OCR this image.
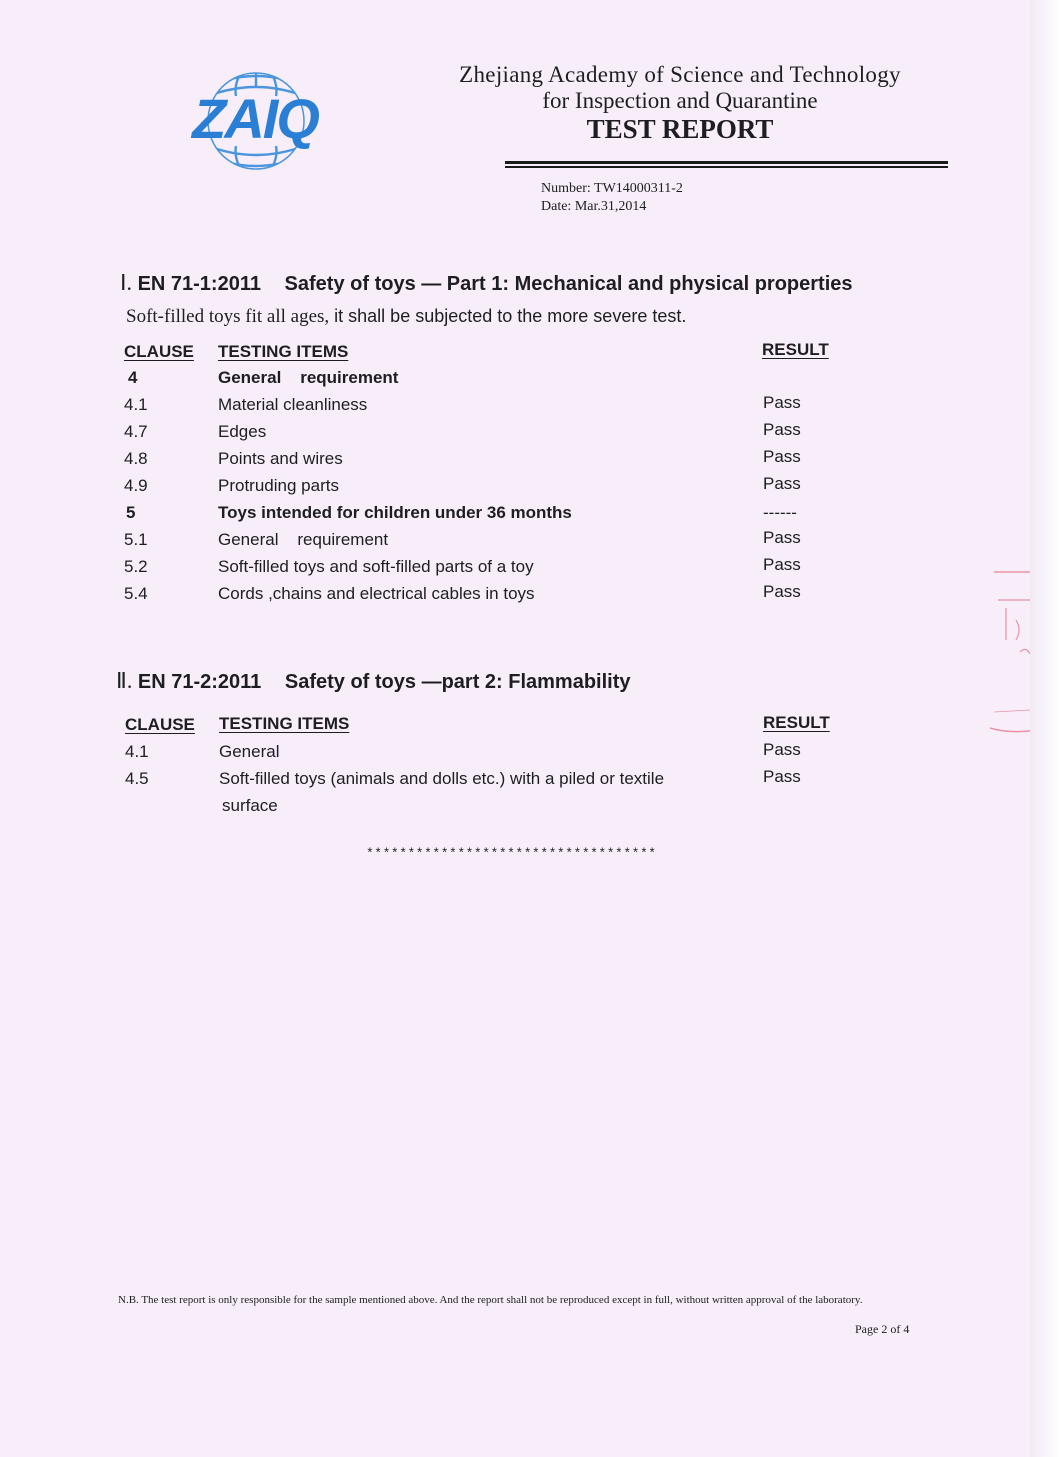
ZAIQ
Zhejiang Academy of Science and Technology
for Inspection and Quarantine
TEST REPORT
Number: TW14000311-2
Date: Mar.31,2014
Ⅰ. EN 71-1:2011 Safety of toys — Part 1: Mechanical and physical properties
Soft-filled toys fit all ages, it shall be subjected to the more severe test.
CLAUSE TESTING ITEMS	RESULT
4	General    requirement
4.1	Material cleanliness	Pass
4.7	Edges	Pass
4.8	Points and wires	Pass
4.9	Protruding parts	Pass
5	Toys intended for children under 36 months	------
5.1	General    requirement	Pass
5.2	Soft-filled toys and soft-filled parts of a toy	Pass
5.4	Cords ,chains and electrical cables in toys	Pass
Ⅱ. EN 71-2:2011 Safety of toys —part 2: Flammability
CLAUSE TESTING ITEMS	RESULT
4.1	General	Pass
4.5	Soft-filled toys (animals and dolls etc.) with a piled or textile	Pass
surface
***********************************
N.B. The test report is only responsible for the sample mentioned above. And the report shall not be reproduced except in full, without written approval of the laboratory.
Page 2 of 4
